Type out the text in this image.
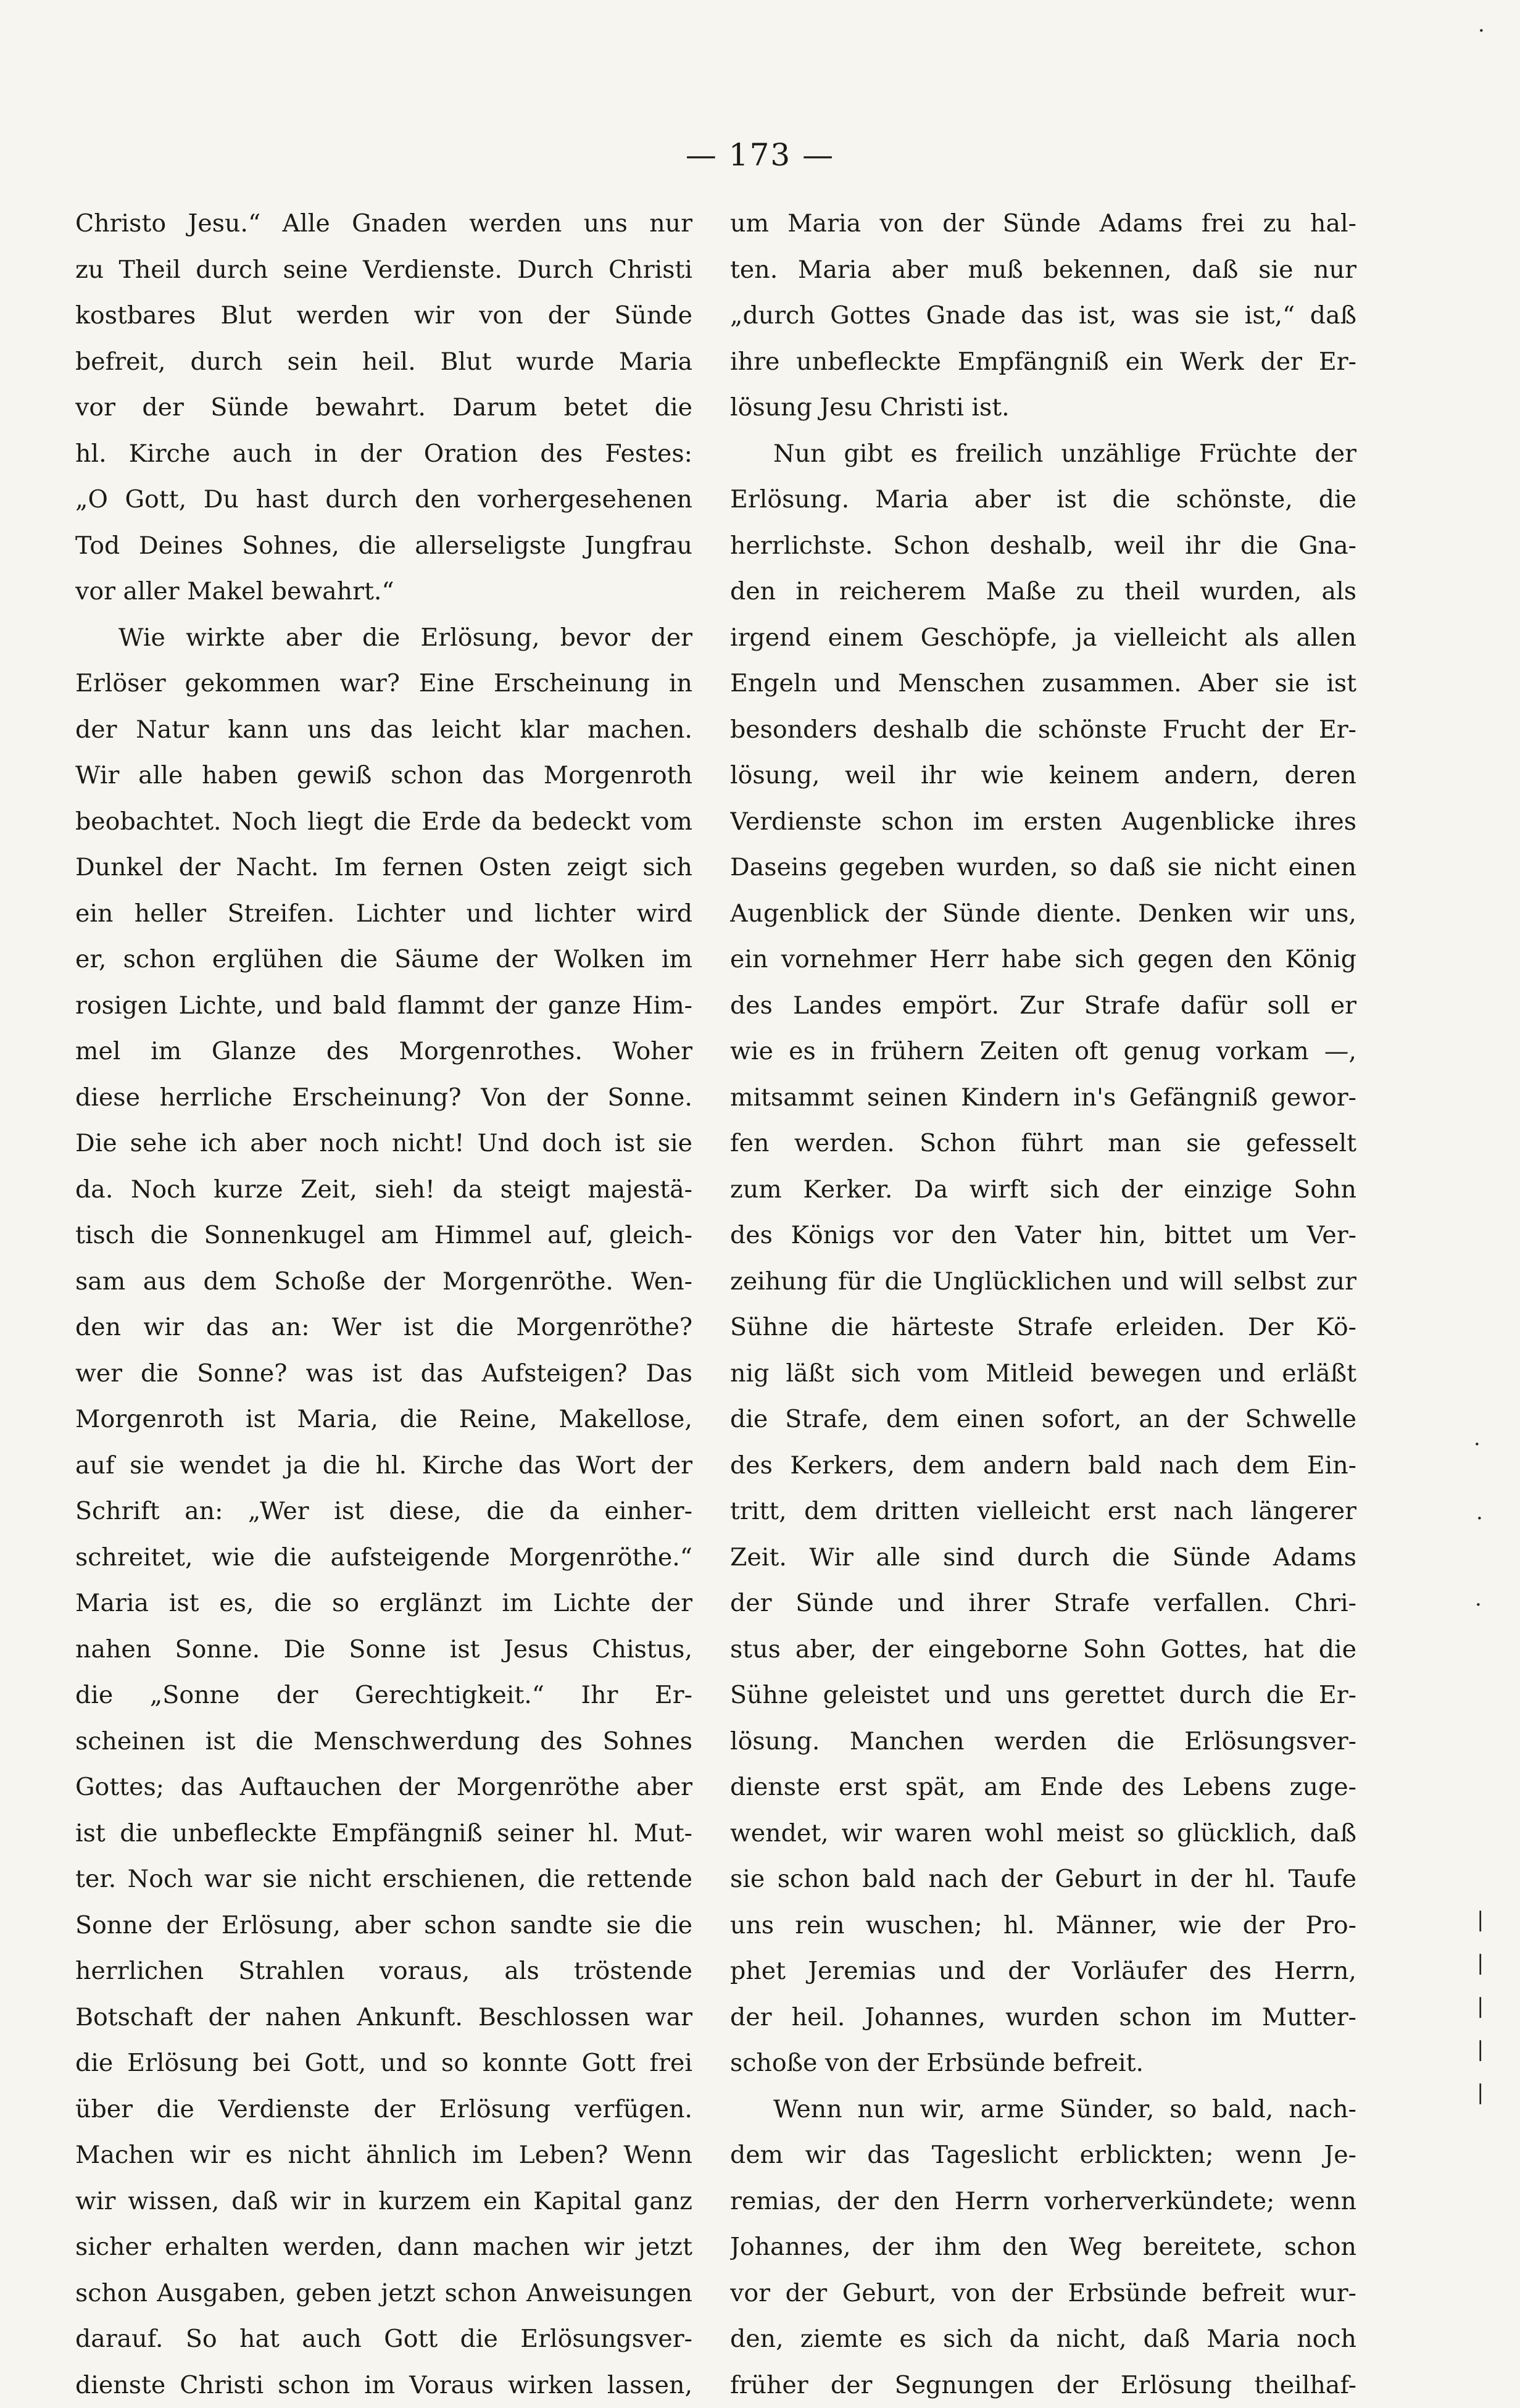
— 173 —
Christo Jesu.“ Alle Gnaden werden uns nur
zu Theil durch seine Verdienste. Durch Christi
kostbares Blut werden wir von der Sünde
befreit, durch sein heil. Blut wurde Maria
vor der Sünde bewahrt. Darum betet die
hl. Kirche auch in der Oration des Festes:
„O Gott, Du hast durch den vorhergesehenen
Tod Deines Sohnes, die allerseligste Jungfrau
vor aller Makel bewahrt.“
Wie wirkte aber die Erlösung, bevor der
Erlöser gekommen war? Eine Erscheinung in
der Natur kann uns das leicht klar machen.
Wir alle haben gewiß schon das Morgenroth
beobachtet. Noch liegt die Erde da bedeckt vom
Dunkel der Nacht. Im fernen Osten zeigt sich
ein heller Streifen. Lichter und lichter wird
er, schon erglühen die Säume der Wolken im
rosigen Lichte, und bald flammt der ganze Him-
mel im Glanze des Morgenrothes. Woher
diese herrliche Erscheinung? Von der Sonne.
Die sehe ich aber noch nicht! Und doch ist sie
da. Noch kurze Zeit, sieh! da steigt majestä-
tisch die Sonnenkugel am Himmel auf, gleich-
sam aus dem Schoße der Morgenröthe. Wen-
den wir das an: Wer ist die Morgenröthe?
wer die Sonne? was ist das Aufsteigen? Das
Morgenroth ist Maria, die Reine, Makellose,
auf sie wendet ja die hl. Kirche das Wort der
Schrift an: „Wer ist diese, die da einher-
schreitet, wie die aufsteigende Morgenröthe.“
Maria ist es, die so erglänzt im Lichte der
nahen Sonne. Die Sonne ist Jesus Chistus,
die „Sonne der Gerechtigkeit.“ Ihr Er-
scheinen ist die Menschwerdung des Sohnes
Gottes; das Auftauchen der Morgenröthe aber
ist die unbefleckte Empfängniß seiner hl. Mut-
ter. Noch war sie nicht erschienen, die rettende
Sonne der Erlösung, aber schon sandte sie die
herrlichen Strahlen voraus, als tröstende
Botschaft der nahen Ankunft. Beschlossen war
die Erlösung bei Gott, und so konnte Gott frei
über die Verdienste der Erlösung verfügen.
Machen wir es nicht ähnlich im Leben? Wenn
wir wissen, daß wir in kurzem ein Kapital ganz
sicher erhalten werden, dann machen wir jetzt
schon Ausgaben, geben jetzt schon Anweisungen
darauf. So hat auch Gott die Erlösungsver-
dienste Christi schon im Voraus wirken lassen,
um Maria von der Sünde Adams frei zu hal-
ten. Maria aber muß bekennen, daß sie nur
„durch Gottes Gnade das ist, was sie ist,“ daß
ihre unbefleckte Empfängniß ein Werk der Er-
lösung Jesu Christi ist.
Nun gibt es freilich unzählige Früchte der
Erlösung. Maria aber ist die schönste, die
herrlichste. Schon deshalb, weil ihr die Gna-
den in reicherem Maße zu theil wurden, als
irgend einem Geschöpfe, ja vielleicht als allen
Engeln und Menschen zusammen. Aber sie ist
besonders deshalb die schönste Frucht der Er-
lösung, weil ihr wie keinem andern, deren
Verdienste schon im ersten Augenblicke ihres
Daseins gegeben wurden, so daß sie nicht einen
Augenblick der Sünde diente. Denken wir uns,
ein vornehmer Herr habe sich gegen den König
des Landes empört. Zur Strafe dafür soll er
wie es in frühern Zeiten oft genug vorkam —,
mitsammt seinen Kindern in's Gefängniß gewor-
fen werden. Schon führt man sie gefesselt
zum Kerker. Da wirft sich der einzige Sohn
des Königs vor den Vater hin, bittet um Ver-
zeihung für die Unglücklichen und will selbst zur
Sühne die härteste Strafe erleiden. Der Kö-
nig läßt sich vom Mitleid bewegen und erläßt
die Strafe, dem einen sofort, an der Schwelle
des Kerkers, dem andern bald nach dem Ein-
tritt, dem dritten vielleicht erst nach längerer
Zeit. Wir alle sind durch die Sünde Adams
der Sünde und ihrer Strafe verfallen. Chri-
stus aber, der eingeborne Sohn Gottes, hat die
Sühne geleistet und uns gerettet durch die Er-
lösung. Manchen werden die Erlösungsver-
dienste erst spät, am Ende des Lebens zuge-
wendet, wir waren wohl meist so glücklich, daß
sie schon bald nach der Geburt in der hl. Taufe
uns rein wuschen; hl. Männer, wie der Pro-
phet Jeremias und der Vorläufer des Herrn,
der heil. Johannes, wurden schon im Mutter-
schoße von der Erbsünde befreit.
Wenn nun wir, arme Sünder, so bald, nach-
dem wir das Tageslicht erblickten; wenn Je-
remias, der den Herrn vorherverkündete; wenn
Johannes, der ihm den Weg bereitete, schon
vor der Geburt, von der Erbsünde befreit wur-
den, ziemte es sich da nicht, daß Maria noch
früher der Segnungen der Erlösung theilhaf-
·
·
·
·
|
|
|
|
|
